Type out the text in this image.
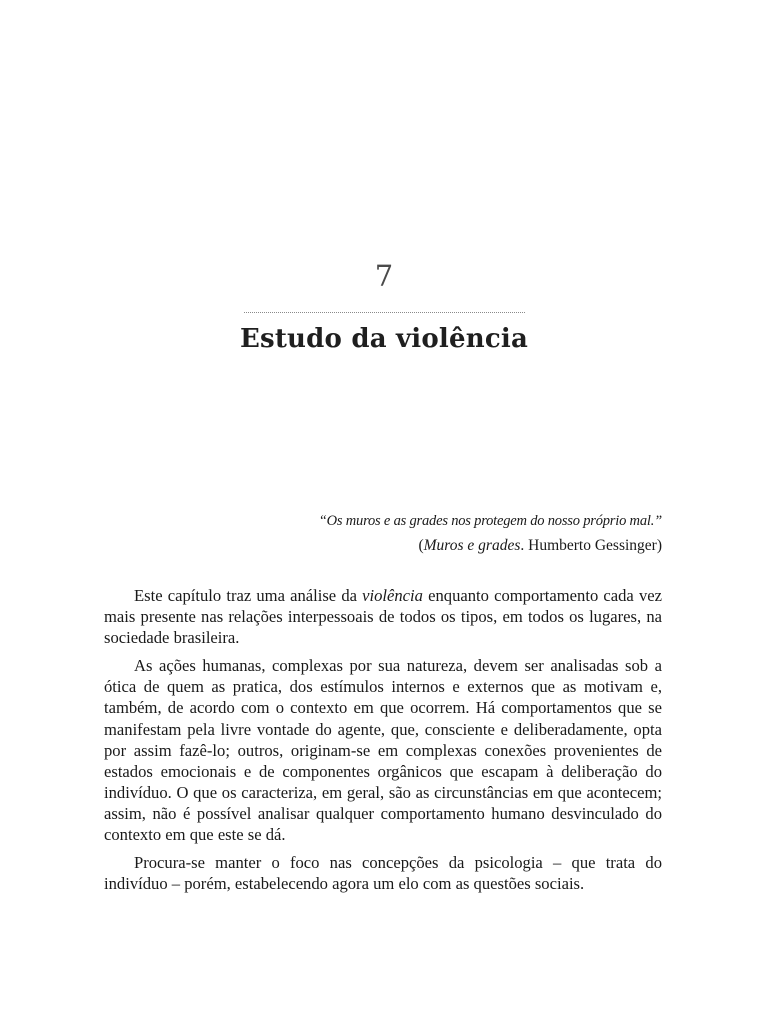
7
Estudo da violência
“Os muros e as grades nos protegem do nosso próprio mal.”
(Muros e grades. Humberto Gessinger)

Este capítulo traz uma análise da violência enquanto comportamento cada vez mais presente nas relações interpessoais de todos os tipos, em todos os lugares, na sociedade brasileira.

As ações humanas, complexas por sua natureza, devem ser analisadas sob a ótica de quem as pratica, dos estímulos internos e externos que as motivam e, também, de acordo com o contexto em que ocorrem. Há comportamentos que se manifestam pela livre vontade do agente, que, consciente e deliberadamente, opta por assim fazê-lo; outros, originam-se em complexas conexões provenientes de estados emocionais e de componentes orgânicos que escapam à deliberação do indivíduo. O que os caracteriza, em geral, são as circunstâncias em que acontecem; assim, não é possível analisar qualquer comportamento humano desvinculado do contexto em que este se dá.

Procura-se manter o foco nas concepções da psicologia – que trata do indivíduo – porém, estabelecendo agora um elo com as questões sociais.
